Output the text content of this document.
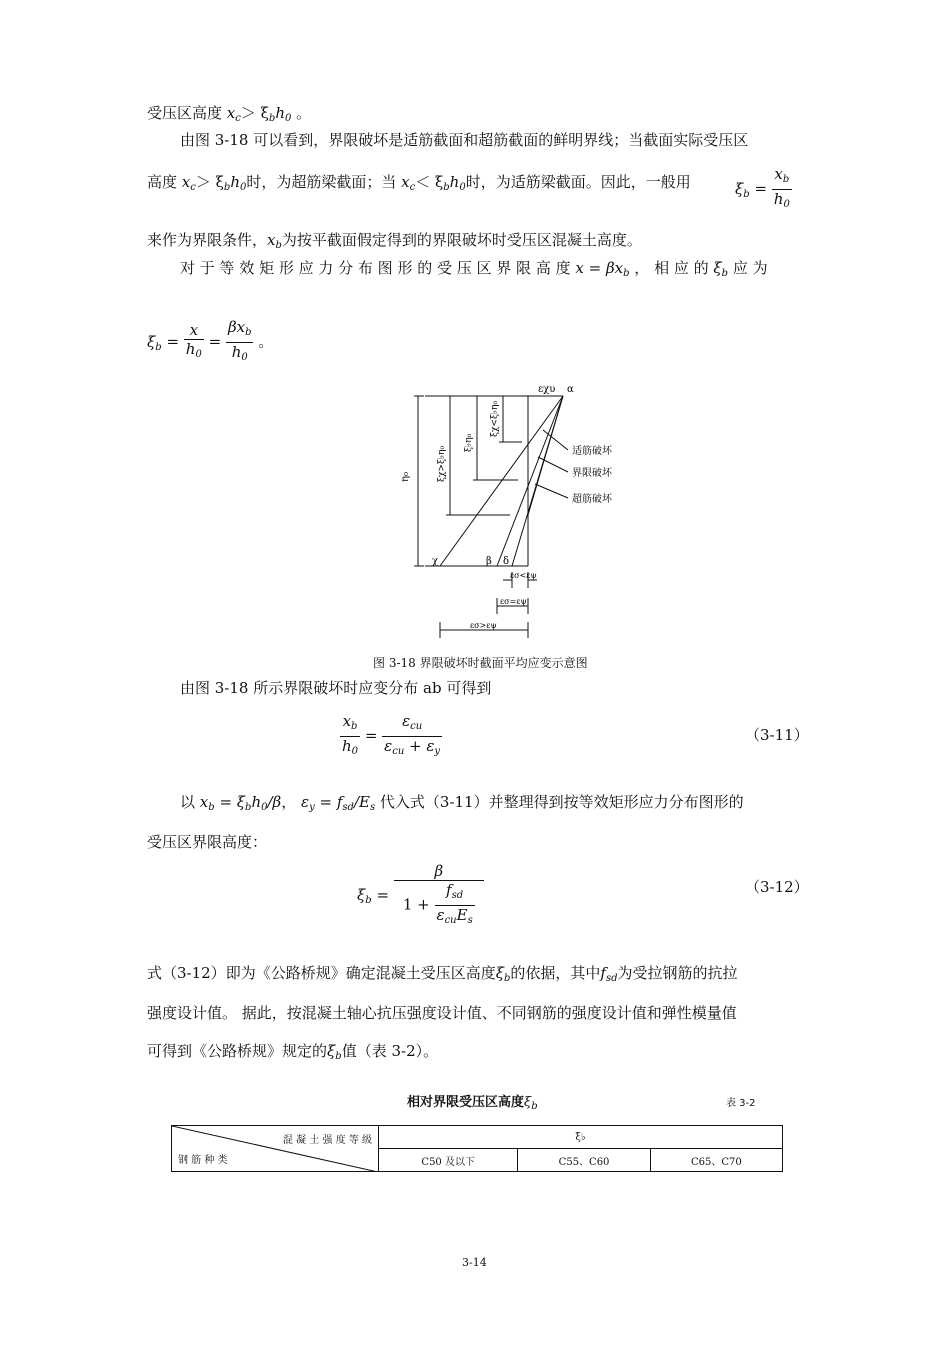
受压区高度 $x_c> \xi_bh_0$ 。
由图 3-18 可以看到，界限破坏是适筋截面和超筋截面的鲜明界线；当截面实际受压区
高度 $x_c> \xi_bh_0$时，为超筋梁截面；当 $x_c< \xi_bh_0$时，为适筋梁截面。因此，一般用	$\xi_b = \frac{x_b}{h_0}$
来作为界限条件，$x_b$为按平截面假定得到的界限破坏时受压区混凝土高度。
对 于 等 效 矩 形 应 力 分 布 图 形 的 受 压 区 界 限 高 度 $x = \beta x_b$ ， 相 应 的 $\xi_b$ 应 为
$\xi_b = \frac{x}{h_0} = \frac{\beta x_b}{h_0}$ 。
εχυ α
η₀	ξχ>ξ♭η₀
ξ♭η₀
ξχ<ξ♭η₀
适筋破坏
界限破坏
超筋破坏
χ	β δ
εσ<εψ
εσ=εψ
εσ>εψ
图 3-18 界限破坏时截面平均应变示意图
由图 3-18 所示界限破坏时应变分布 ab 可得到
$\frac{x_b}{h_0} = \frac{\varepsilon_{cu}}{\varepsilon_{cu} + \varepsilon_y}$	（3-11）
以 $x_b = \xi_bh_0/\beta$， $\varepsilon_y = f_{sd}/E_s$ 代入式（3-11）并整理得到按等效矩形应力分布图形的
受压区界限高度：
$\xi_b = \frac{\beta}{1 + \frac{f_{sd}}{\varepsilon_{cu}E_s}}$	（3-12）
式（3-12）即为《公路桥规》确定混凝土受压区高度$\xi_b$的依据，其中$f_{sd}$为受拉钢筋的抗拉
强度设计值。 据此，按混凝土轴心抗压强度设计值、不同钢筋的强度设计值和弹性模量值
可得到《公路桥规》规定的$\xi_b$值（表 3-2）。
相对界限受压区高度$\xi_b$	表 3-2
混 凝 土 强 度 等 级
钢 筋 种 类	ξ♭		
	C50 及以下	C55、C60	C65、C70
3-14
